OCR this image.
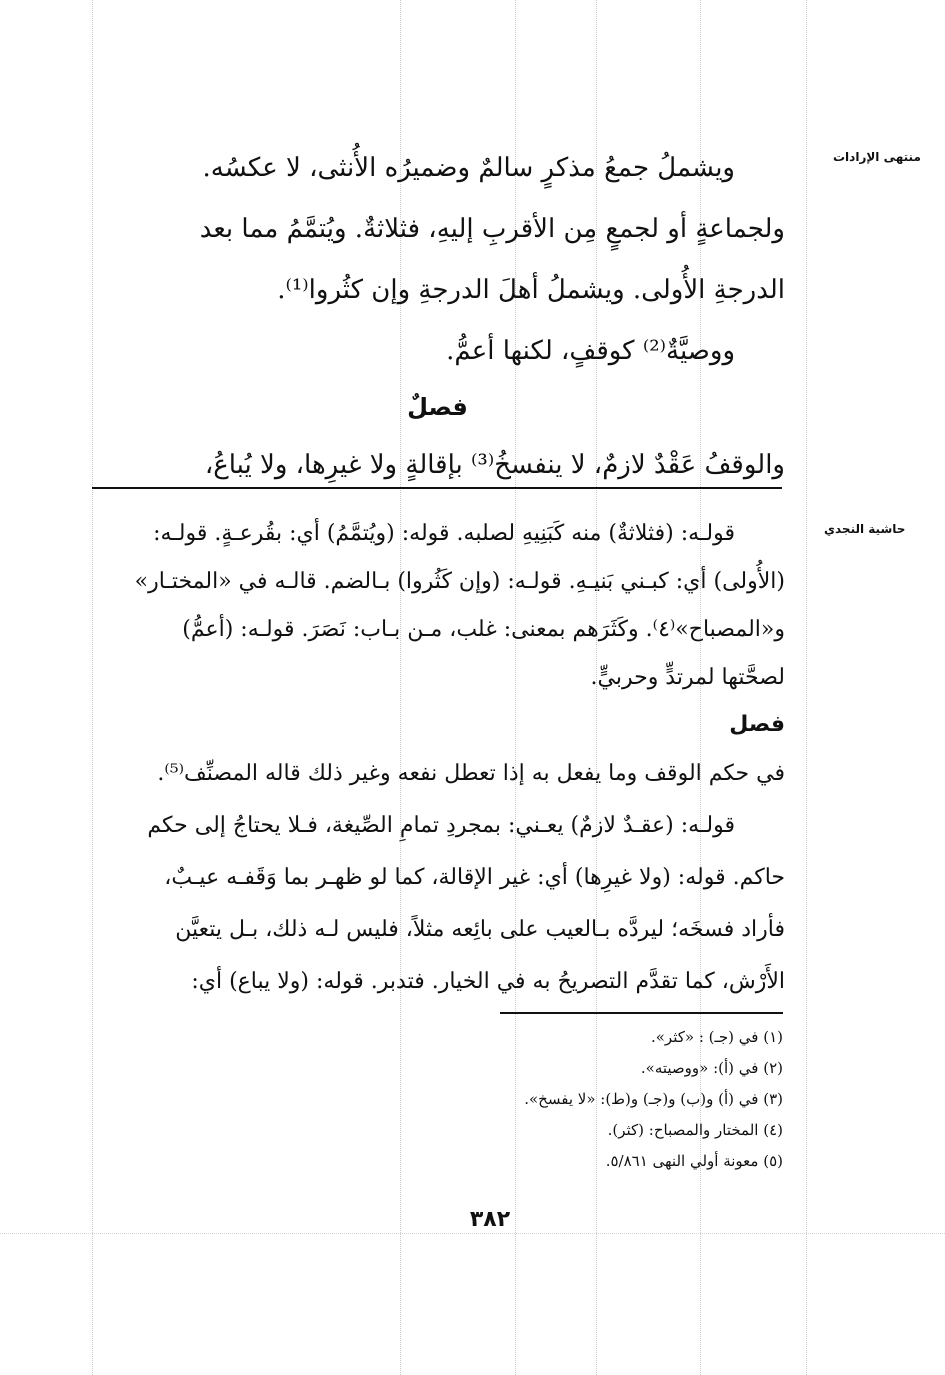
منتهى الإرادات
حاشية النجدي
ويشملُ جمعُ مذكرٍ سالمٌ وضميرُه الأُنثى، لا عكسُه.
ولجماعةٍ أو لجمعٍ مِن الأقربِ إليهِ، فثلاثةٌ. ويُتمَّمُ مما بعد
الدرجةِ الأُولى. ويشملُ أهلَ الدرجةِ وإن كثُروا⁽¹⁾.
ووصيَّةٌ⁽²⁾ كوقفٍ، لكنها أعمُّ.
فصلٌ
والوقفُ عَقْدٌ لازمٌ، لا ينفسخُ⁽³⁾ بإقالةٍ ولا غيرِها، ولا يُباعُ،
قولـه: (فثلاثةٌ) منه كَبَنِيهِ لصلبه. قوله: (ويُتمَّمُ) أي: بقُرعـةٍ. قولـه:
(الأُولى) أي: كبـني بَنيـهِ. قولـه: (وإن كَثُروا) بـالضم. قالـه في «المختـار»
و«المصباح»⁽٤⁾. وكَثَرَهم بمعنى: غلب، مـن بـاب: نَصَرَ. قولـه: (أعمُّ)
لصحَّتها لمرتدٍّ وحربيٍّ.
فصل
في حكم الوقف وما يفعل به إذا تعطل نفعه وغير ذلك قاله المصنِّف⁽⁵⁾.
قولـه: (عقـدٌ لازمٌ) يعـني: بمجردِ تمامِ الصِّيغة، فـلا يحتاجُ إلى حكم
حاكم. قوله: (ولا غيرِها) أي: غير الإقالة، كما لو ظهـر بما وَقَفـه عيـبٌ،
فأراد فسخَه؛ ليردَّه بـالعيب على بائِعه مثلاً، فليس لـه ذلك، بـل يتعيَّن
الأَرْش، كما تقدَّم التصريحُ به في الخيار. فتدبر. قوله: (ولا يباع) أي:
(١) في (جـ) : «كثر».
(٢) في (أ): «ووصيته».
(٣) في (أ) و(ب) و(جـ) و(ط): «لا يفسخ».
(٤) المختار والمصباح: (كثر).
(٥) معونة أولي النهى ٥/٨٦١.
٣٨٢
